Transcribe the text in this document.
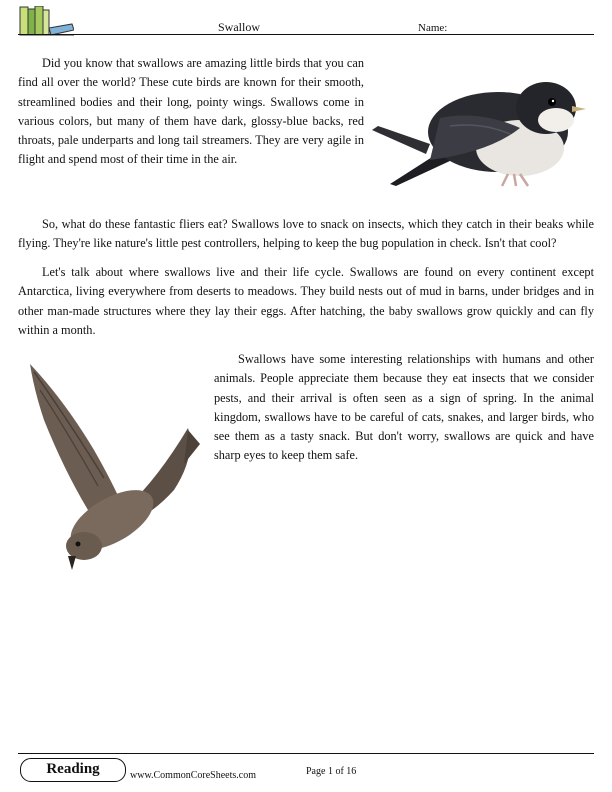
Swallow	Name:

Did you know that swallows are amazing little birds that you can find all over the world? These cute birds are known for their smooth, streamlined bodies and their long, pointy wings. Swallows come in various colors, but many of them have dark, glossy-blue backs, red throats, pale underparts and long tail streamers. They are very agile in flight and spend most of their time in the air.

So, what do these fantastic fliers eat? Swallows love to snack on insects, which they catch in their beaks while flying. They're like nature's little pest controllers, helping to keep the bug population in check. Isn't that cool?

Let's talk about where swallows live and their life cycle. Swallows are found on every continent except Antarctica, living everywhere from deserts to meadows. They build nests out of mud in barns, under bridges and in other man-made structures where they lay their eggs. After hatching, the baby swallows grow quickly and can fly within a month.

Swallows have some interesting relationships with humans and other animals. People appreciate them because they eat insects that we consider pests, and their arrival is often seen as a sign of spring. In the animal kingdom, swallows have to be careful of cats, snakes, and larger birds, who see them as a tasty snack. But don't worry, swallows are quick and have sharp eyes to keep them safe.

Reading	www.CommonCoreSheets.com	Page 1 of 16
